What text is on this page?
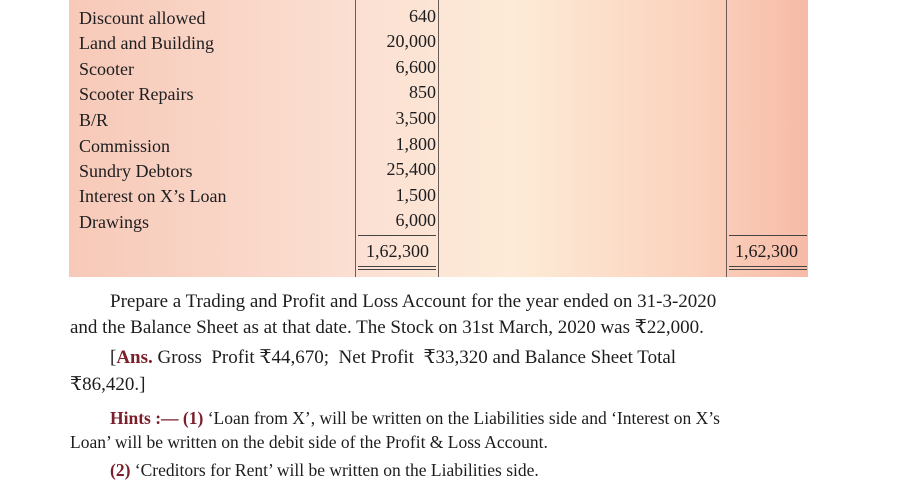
Discount allowed	640
Land and Building	20,000
Scooter	6,600
Scooter Repairs	850
B/R	3,500
Commission	1,800
Sundry Debtors	25,400
Interest on X’s Loan	1,500
Drawings	6,000
1,62,300	1,62,300
Prepare a Trading and Profit and Loss Account for the year ended on 31-3-2020
and the Balance Sheet as at that date. The Stock on 31st March, 2020 was ₹22,000.
[Ans. Gross  Profit ₹44,670;  Net Profit  ₹33,320 and Balance Sheet Total
₹86,420.]
Hints :— (1) ‘Loan from X’, will be written on the Liabilities side and ‘Interest on X’s
Loan’ will be written on the debit side of the Profit & Loss Account.
(2) ‘Creditors for Rent’ will be written on the Liabilities side.
